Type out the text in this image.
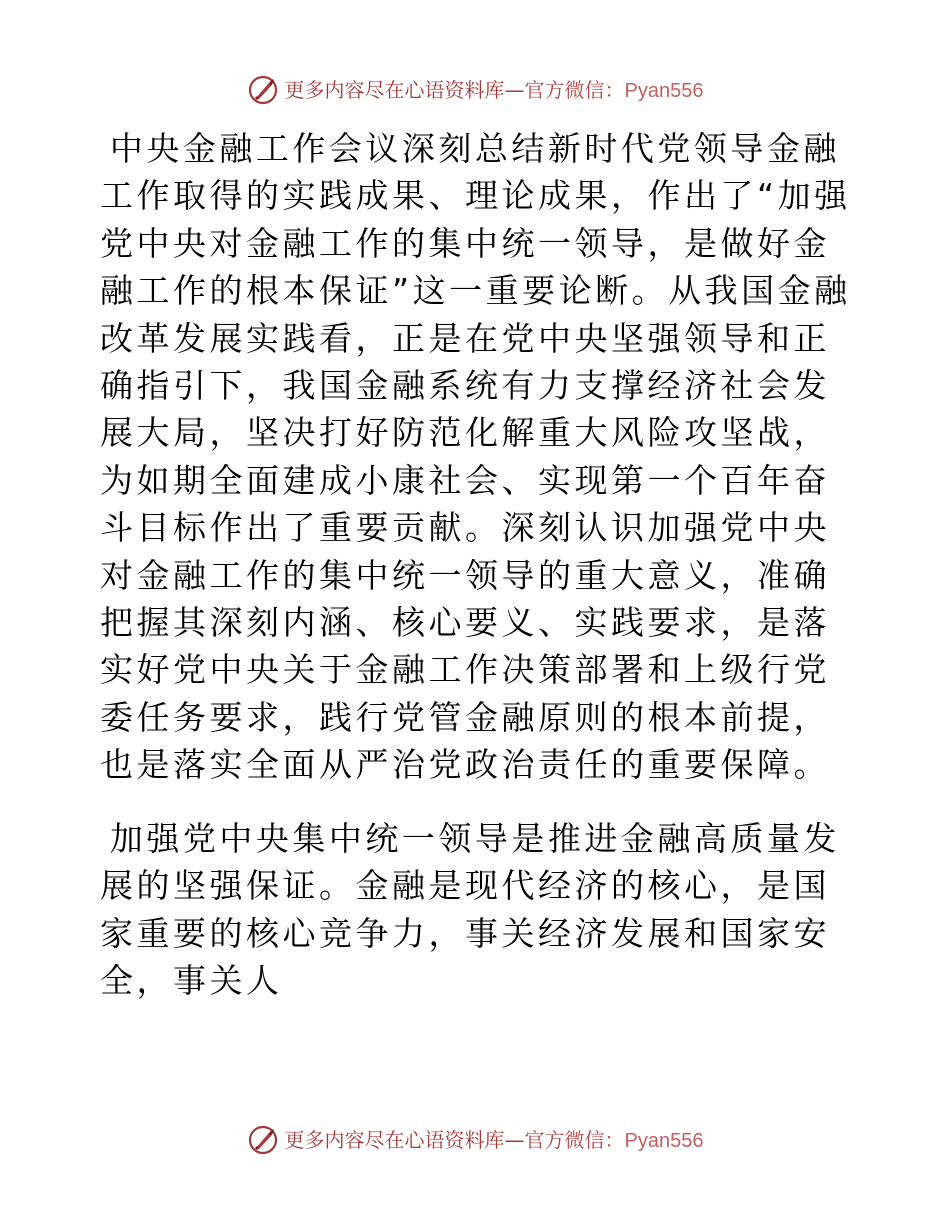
更多内容尽在心语资料库—官方微信：Pyan556

中央金融工作会议深刻总结新时代党领导金融工作取得的实践成果、理论成果，作出了“加强党中央对金融工作的集中统一领导，是做好金融工作的根本保证”这一重要论断。从我国金融改革发展实践看，正是在党中央坚强领导和正确指引下，我国金融系统有力支撑经济社会发展大局，坚决打好防范化解重大风险攻坚战，为如期全面建成小康社会、实现第一个百年奋斗目标作出了重要贡献。深刻认识加强党中央对金融工作的集中统一领导的重大意义，准确把握其深刻内涵、核心要义、实践要求，是落实好党中央关于金融工作决策部署和上级行党委任务要求，践行党管金融原则的根本前提，也是落实全面从严治党政治责任的重要保障。

加强党中央集中统一领导是推进金融高质量发展的坚强保证。金融是现代经济的核心，是国家重要的核心竞争力，事关经济发展和国家安全，事关人

更多内容尽在心语资料库—官方微信：Pyan556
